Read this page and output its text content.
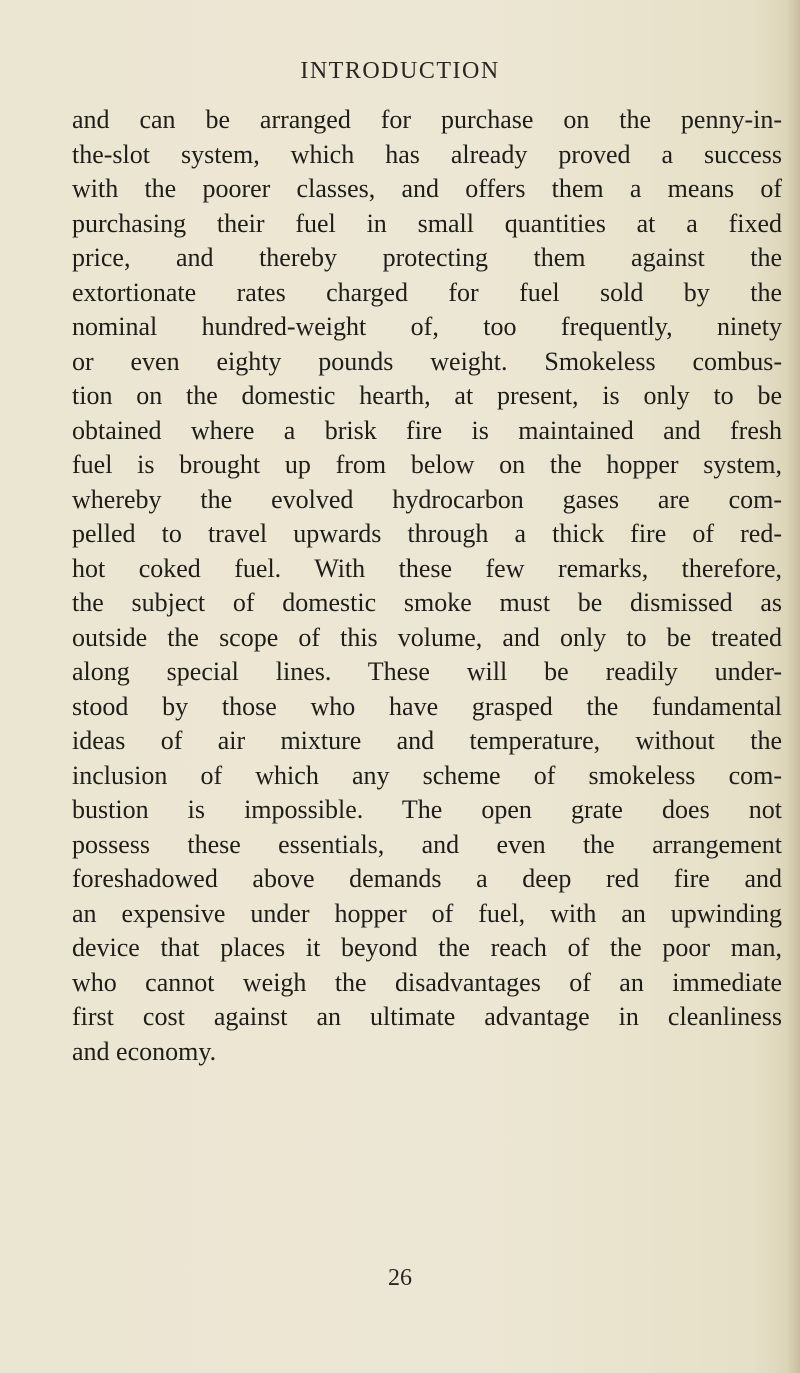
INTRODUCTION
and can be arranged for purchase on the penny-in-
the-slot system, which has already proved a success
with the poorer classes, and offers them a means of
purchasing their fuel in small quantities at a fixed
price, and thereby protecting them against the
extortionate rates charged for fuel sold by the
nominal hundred-weight of, too frequently, ninety
or even eighty pounds weight. Smokeless combus-
tion on the domestic hearth, at present, is only to be
obtained where a brisk fire is maintained and fresh
fuel is brought up from below on the hopper system,
whereby the evolved hydrocarbon gases are com-
pelled to travel upwards through a thick fire of red-
hot coked fuel. With these few remarks, therefore,
the subject of domestic smoke must be dismissed as
outside the scope of this volume, and only to be treated
along special lines. These will be readily under-
stood by those who have grasped the fundamental
ideas of air mixture and temperature, without the
inclusion of which any scheme of smokeless com-
bustion is impossible. The open grate does not
possess these essentials, and even the arrangement
foreshadowed above demands a deep red fire and
an expensive under hopper of fuel, with an upwinding
device that places it beyond the reach of the poor man,
who cannot weigh the disadvantages of an immediate
first cost against an ultimate advantage in cleanliness
and economy.
26
